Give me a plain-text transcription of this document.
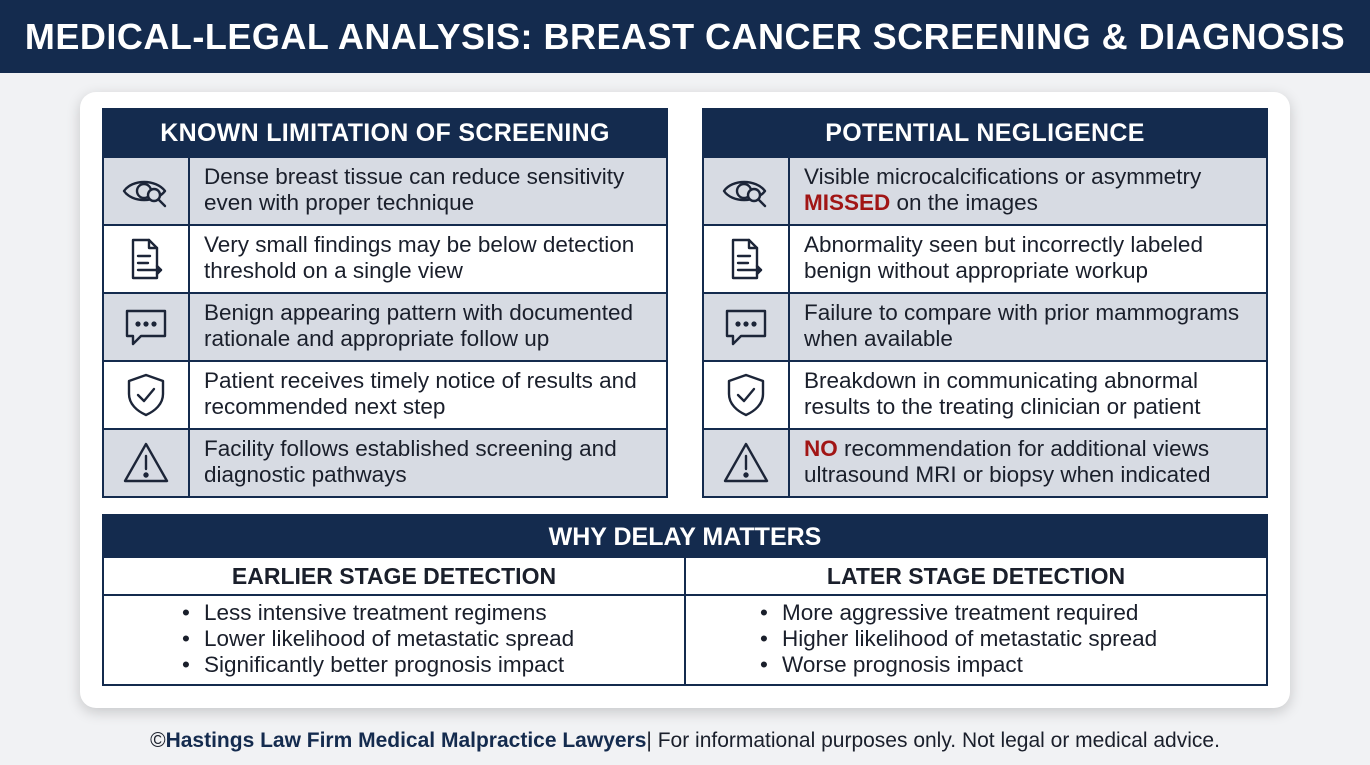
MEDICAL-LEGAL ANALYSIS: BREAST CANCER SCREENING & DIAGNOSIS
KNOWN LIMITATION OF SCREENING
Dense breast tissue can reduce sensitivity even with proper technique
Very small findings may be below detection threshold on a single view
Benign appearing pattern with documented rationale and appropriate follow up
Patient receives timely notice of results and recommended next step
Facility follows established screening and diagnostic pathways
POTENTIAL NEGLIGENCE
Visible microcalcifications or asymmetry MISSED on the images
Abnormality seen but incorrectly labeled benign without appropriate workup
Failure to compare with prior mammograms when available
Breakdown in communicating abnormal results to the treating clinician or patient
NO recommendation for additional views ultrasound MRI or biopsy when indicated
WHY DELAY MATTERS
EARLIER STAGE DETECTION
• Less intensive treatment regimens
• Lower likelihood of metastatic spread
• Significantly better prognosis impact
LATER STAGE DETECTION
• More aggressive treatment required
• Higher likelihood of metastatic spread
• Worse prognosis impact
© Hastings Law Firm Medical Malpractice Lawyers | For informational purposes only. Not legal or medical advice.
